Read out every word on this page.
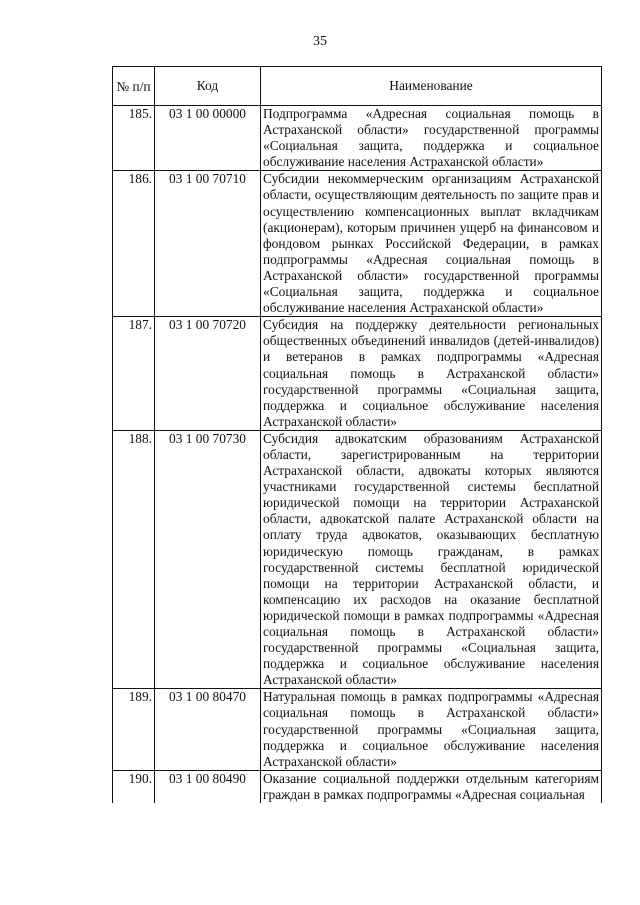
35
№ п/п	Код	Наименование
185.	03 1 00 00000	Подпрограмма «Адресная социальная помощь в Астраханской области» государственной программы «Социальная защита, поддержка и социальное обслуживание населения Астраханской области»
186.	03 1 00 70710	Субсидии некоммерческим организациям Астраханской области, осуществляющим деятельность по защите прав и осуществлению компенсационных выплат вкладчикам (акционерам), которым причинен ущерб на финансовом и фондовом рынках Российской Федерации, в рамках подпрограммы «Адресная социальная помощь в Астраханской области» государственной программы «Социальная защита, поддержка и социальное обслуживание населения Астраханской области»
187.	03 1 00 70720	Субсидия на поддержку деятельности региональных общественных объединений инвалидов (детей-инвалидов) и ветеранов в рамках подпрограммы «Адресная социальная помощь в Астраханской области» государственной программы «Социальная защита, поддержка и социальное обслуживание населения Астраханской области»
188.	03 1 00 70730	Субсидия адвокатским образованиям Астраханской области, зарегистрированным на территории Астраханской области, адвокаты которых являются участниками государственной системы бесплатной юридической помощи на территории Астраханской области, адвокатской палате Астраханской области на оплату труда адвокатов, оказывающих бесплатную юридическую помощь гражданам, в рамках государственной системы бесплатной юридической помощи на территории Астраханской области, и компенсацию их расходов на оказание бесплатной юридической помощи в рамках подпрограммы «Адресная социальная помощь в Астраханской области» государственной программы «Социальная защита, поддержка и социальное обслуживание населения Астраханской области»
189.	03 1 00 80470	Натуральная помощь в рамках подпрограммы «Адресная социальная помощь в Астраханской области» государственной программы «Социальная защита, поддержка и социальное обслуживание населения Астраханской области»
190.	03 1 00 80490	Оказание социальной поддержки отдельным категориям граждан в рамках подпрограммы «Адресная социальная
